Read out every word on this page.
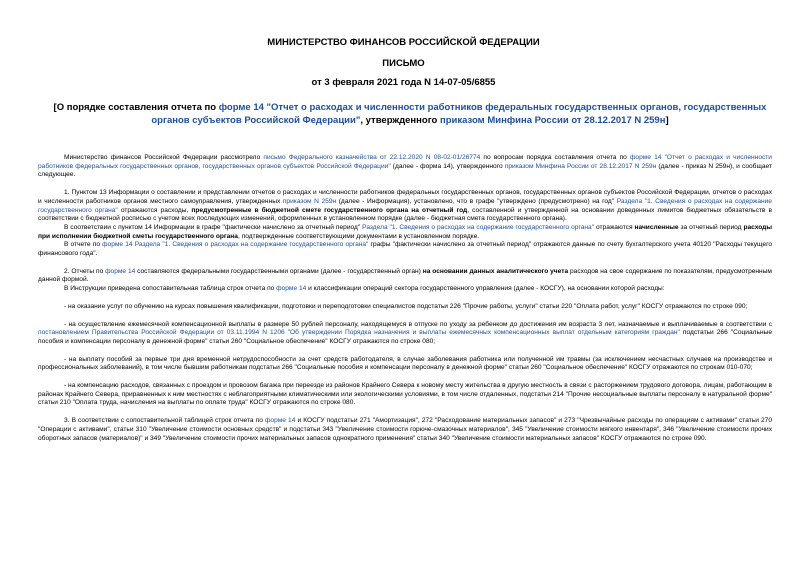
МИНИСТЕРСТВО ФИНАНСОВ РОССИЙСКОЙ ФЕДЕРАЦИИ
ПИСЬМО
от 3 февраля 2021 года N 14-07-05/6855
[О порядке составления отчета по форме 14 "Отчет о расходах и численности работников федеральных государственных органов, государственных органов субъектов Российской Федерации", утвержденного приказом Минфина России от 28.12.2017 N 259н]

Министерство финансов Российской Федерации рассмотрело письмо Федерального казначейства от 22.12.2020 N 08-02-01/26774 по вопросам порядка составления отчета по форме 14 "Отчет о расходах и численности работников федеральных государственных органов, государственных органов субъектов Российской Федерации" (далее - форма 14), утвержденного приказом Минфина России от 28.12.2017 N 259н (далее - приказ N 259н), и сообщает следующее.

1. Пунктом 13 Информации о составлении и представлении отчетов о расходах и численности работников федеральных государственных органов, государственных органов субъектов Российской Федерации, отчетов о расходах и численности работников органов местного самоуправления, утвержденных приказом N 259н (далее - Информация), установлено, что в графе "утверждено (предусмотрено) на год" Раздела "1. Сведения о расходах на содержание государственного органа" отражаются расходы, предусмотренные в бюджетной смете государственного органа на отчетный год, составленной и утвержденной на основании доведенных лимитов бюджетных обязательств в соответствии с бюджетной росписью с учетом всех последующих изменений, оформленных в установленном порядке (далее - бюджетная смета государственного органа).

В соответствии с пунктом 14 Информации в графе "фактически начислено за отчетный период" Раздела "1. Сведения о расходах на содержание государственного органа" отражаются начисленные за отчетный период расходы при исполнении бюджетной сметы государственного органа, подтвержденные соответствующими документами в установленном порядке.

В отчете по форме 14 Раздела "1. Сведения о расходах на содержание государственного органа" графы "фактически начислено за отчетный период" отражаются данные по счету бухгалтерского учета 40120 "Расходы текущего финансового года".

2. Отчеты по форме 14 составляются федеральными государственными органами (далее - государственный орган) на основании данных аналитического учета расходов на свое содержание по показателям, предусмотренным данной формой.

В Инструкции приведена сопоставительная таблица строк отчета по форме 14 и классификации операций сектора государственного управления (далее - КОСГУ), на основании которой расходы:

- на оказание услуг по обучению на курсах повышения квалификации, подготовки и переподготовки специалистов подстатьи 226 "Прочие работы, услуги" статьи 220 "Оплата работ, услуг" КОСГУ отражаются по строке 090;

- на осуществление ежемесячной компенсационной выплаты в размере 50 рублей персоналу, находящемуся в отпуске по уходу за ребенком до достижения им возраста 3 лет, назначаемые и выплачиваемые в соответствии с постановлением Правительства Российской Федерации от 03.11.1994 N 1206 "Об утверждении Порядка назначения и выплаты ежемесячных компенсационных выплат отдельным категориям граждан" подстатьи 266 "Социальные пособия и компенсации персоналу в денежной форме" статьи 260 "Социальное обеспечение" КОСГУ отражаются по строке 080;

- на выплату пособий за первые три дня временной нетрудоспособности за счет средств работодателя, в случае заболевания работника или полученной им травмы (за исключением несчастных случаев на производстве и профессиональных заболеваний), в том числе бывшим работникам подстатьи 266 "Социальные пособия и компенсации персоналу в денежной форме" статьи 260 "Социальное обеспечение" КОСГУ отражаются по строкам 010-070;

- на компенсацию расходов, связанных с проездом и провозом багажа при переезде из районов Крайнего Севера к новому месту жительства в другую местность в связи с расторжением трудового договора, лицам, работающим в районах Крайнего Севера, приравненных к ним местностях с неблагоприятными климатическими или экологическими условиями, в том числе отдаленных, подстатьи 214 "Прочие несоциальные выплаты персоналу в натуральной форме" статьи 210 "Оплата труда, начисления на выплаты по оплате труда" КОСГУ отражаются по строке 080.

3. В соответствии с сопоставительной таблицей строк отчета по форме 14 и КОСГУ подстатьи 271 "Амортизация", 272 "Расходование материальных запасов" и 273 "Чрезвычайные расходы по операциям с активами" статьи 270 "Операции с активами", статьи 310 "Увеличение стоимости основных средств" и подстатьи 343 "Увеличение стоимости горюче-смазочных материалов", 345 "Увеличение стоимости мягкого инвентаря", 346 "Увеличение стоимости прочих оборотных запасов (материалов)" и 349 "Увеличение стоимости прочих материальных запасов однократного применения" статьи 340 "Увеличение стоимости материальных запасов" КОСГУ отражаются по строке 090.
